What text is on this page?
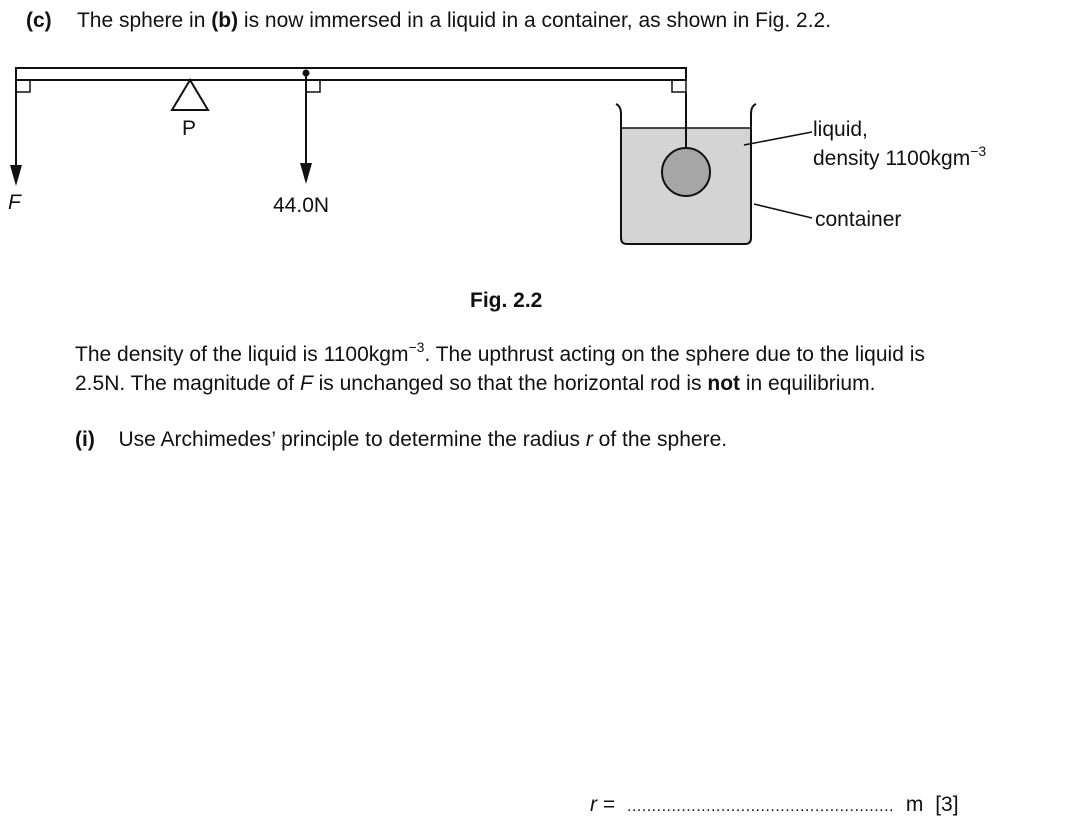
(c) The sphere in (b) is now immersed in a liquid in a container, as shown in Fig. 2.2.
P
F	44.0N
liquid,
density 1100kgm$^{-3}$
container
Fig. 2.2
The density of the liquid is 1100kgm$^{-3}$. The upthrust acting on the sphere due to the liquid is
2.5N. The magnitude of F is unchanged so that the horizontal rod is not in equilibrium.
(i) Use Archimedes’ principle to determine the radius r of the sphere.
r = ...................................................... m [3]
